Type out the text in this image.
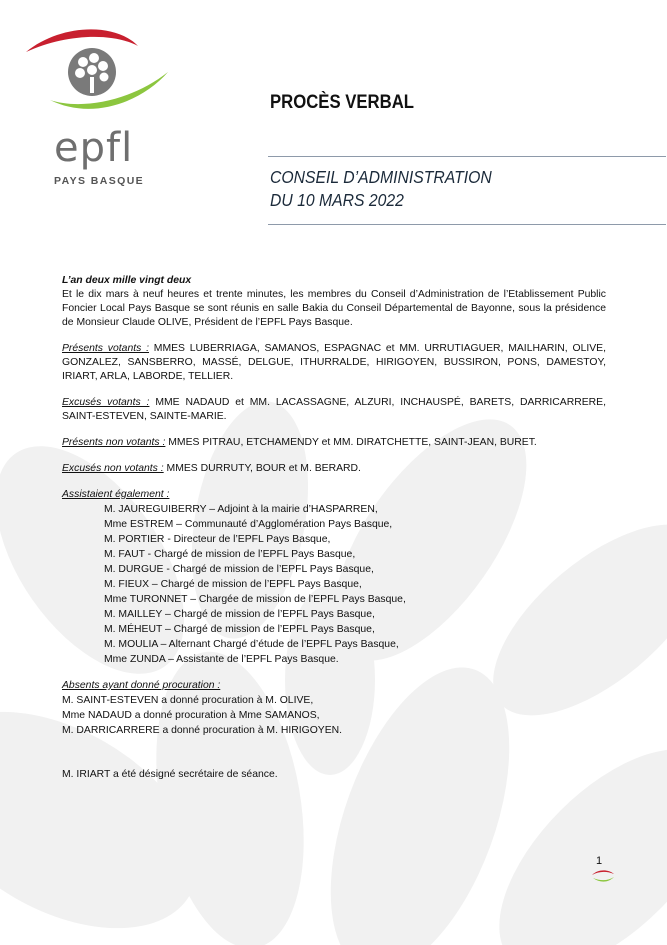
epfl
PAYS BASQUE
PROCÈS VERBAL
CONSEIL D’ADMINISTRATION
DU 10 MARS 2022

L’an deux mille vingt deux

Et le dix mars à neuf heures et trente minutes, les membres du Conseil d’Administration de l’Etablissement Public Foncier Local Pays Basque se sont réunis en salle Bakia du Conseil Départemental de Bayonne, sous la présidence de Monsieur Claude OLIVE, Président de l’EPFL Pays Basque.

Présents votants : MMES LUBERRIAGA, SAMANOS, ESPAGNAC et MM. URRUTIAGUER, MAILHARIN, OLIVE, GONZALEZ, SANSBERRO, MASSÉ, DELGUE, ITHURRALDE, HIRIGOYEN, BUSSIRON, PONS, DAMESTOY, IRIART, ARLA, LABORDE, TELLIER.

Excusés votants : MME NADAUD et MM. LACASSAGNE, ALZURI, INCHAUSPÉ, BARETS, DARRICARRERE, SAINT-ESTEVEN, SAINTE-MARIE.

Présents non votants : MMES PITRAU, ETCHAMENDY et MM. DIRATCHETTE, SAINT-JEAN, BURET.

Excusés non votants : MMES DURRUTY, BOUR et M. BERARD.

Assistaient également :

M. JAUREGUIBERRY – Adjoint à la mairie d’HASPARREN,
Mme ESTREM – Communauté d’Agglomération Pays Basque,
M. PORTIER - Directeur de l’EPFL Pays Basque,
M. FAUT - Chargé de mission de l’EPFL Pays Basque,
M. DURGUE - Chargé de mission de l’EPFL Pays Basque,
M. FIEUX – Chargé de mission de l’EPFL Pays Basque,
Mme TURONNET – Chargée de mission de l’EPFL Pays Basque,
M. MAILLEY – Chargé de mission de l’EPFL Pays Basque,
M. MÉHEUT – Chargé de mission de l’EPFL Pays Basque,
M. MOULIA – Alternant Chargé d’étude de l’EPFL Pays Basque,
Mme ZUNDA – Assistante de l’EPFL Pays Basque.

Absents ayant donné procuration :

M. SAINT-ESTEVEN a donné procuration à M. OLIVE,
Mme NADAUD a donné procuration à Mme SAMANOS,
M. DARRICARRERE a donné procuration à M. HIRIGOYEN.

M. IRIART a été désigné secrétaire de séance.

1
